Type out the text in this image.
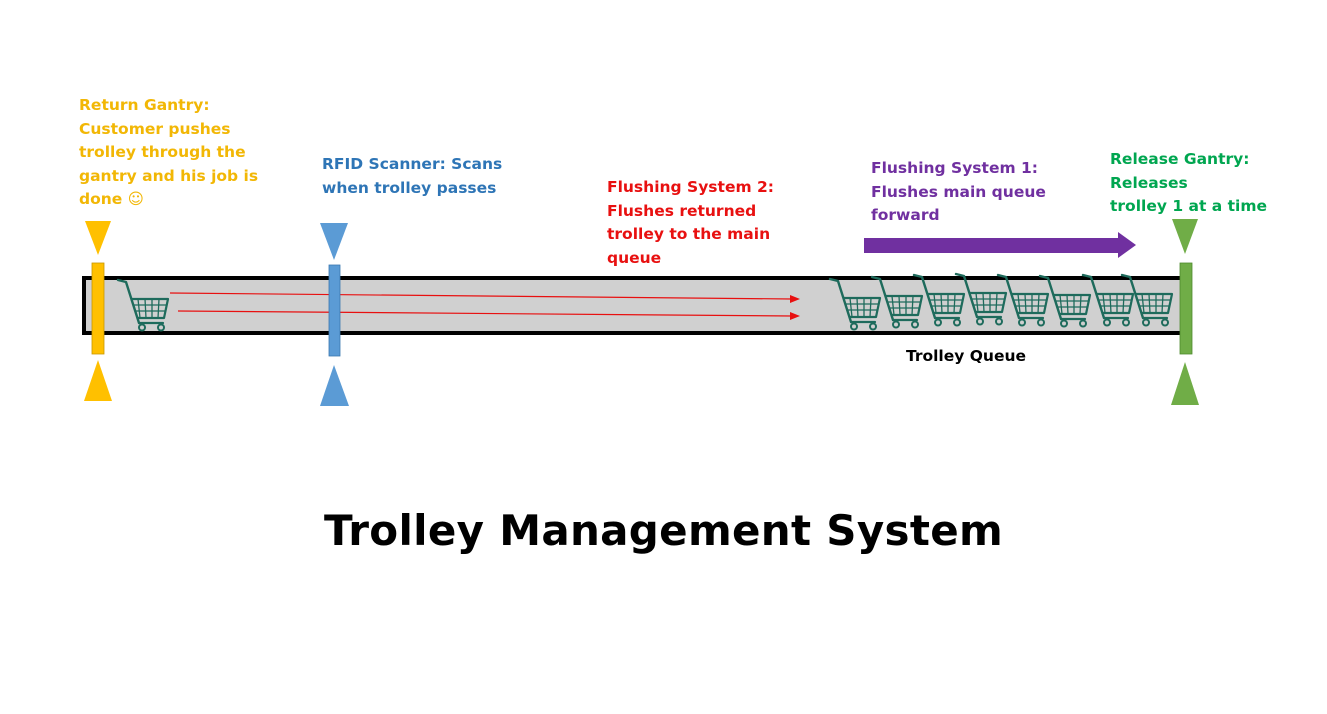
Return Gantry:
Customer pushes
trolley through the
gantry and his job is
done ☺
RFID Scanner: Scans
when trolley passes	Flushing System 2:
Flushes returned
trolley to the main
queue
Flushing System 1:
Flushes main queue
forward
Release Gantry: Releases
trolley 1 at a time
Trolley Queue
Trolley Management System
